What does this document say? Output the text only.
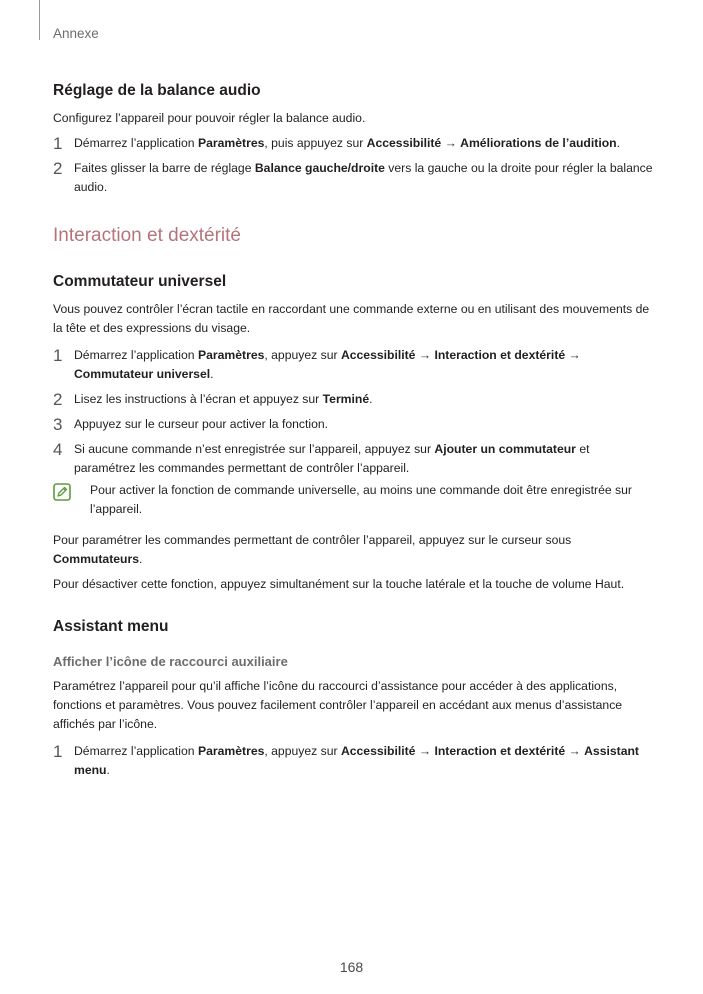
Annexe
Réglage de la balance audio

Configurez l’appareil pour pouvoir régler la balance audio.

1 Démarrez l’application Paramètres, puis appuyez sur Accessibilité → Améliorations de l’audition.
2 Faites glisser la barre de réglage Balance gauche/droite vers la gauche ou la droite pour régler la balance audio.
Interaction et dextérité
Commutateur universel

Vous pouvez contrôler l’écran tactile en raccordant une commande externe ou en utilisant des mouvements de la tête et des expressions du visage.

1 Démarrez l’application Paramètres, appuyez sur Accessibilité → Interaction et dextérité → Commutateur universel.
2 Lisez les instructions à l’écran et appuyez sur Terminé.
3 Appuyez sur le curseur pour activer la fonction.
4 Si aucune commande n’est enregistrée sur l’appareil, appuyez sur Ajouter un commutateur et paramétrez les commandes permettant de contrôler l’appareil.
Pour activer la fonction de commande universelle, au moins une commande doit être enregistrée sur l’appareil.

Pour paramétrer les commandes permettant de contrôler l’appareil, appuyez sur le curseur sous Commutateurs.

Pour désactiver cette fonction, appuyez simultanément sur la touche latérale et la touche de volume Haut.

Assistant menu
Afficher l’icône de raccourci auxiliaire

Paramétrez l’appareil pour qu’il affiche l’icône du raccourci d’assistance pour accéder à des applications, fonctions et paramètres. Vous pouvez facilement contrôler l’appareil en accédant aux menus d’assistance affichés par l’icône.

1 Démarrez l’application Paramètres, appuyez sur Accessibilité → Interaction et dextérité → Assistant menu.
168
